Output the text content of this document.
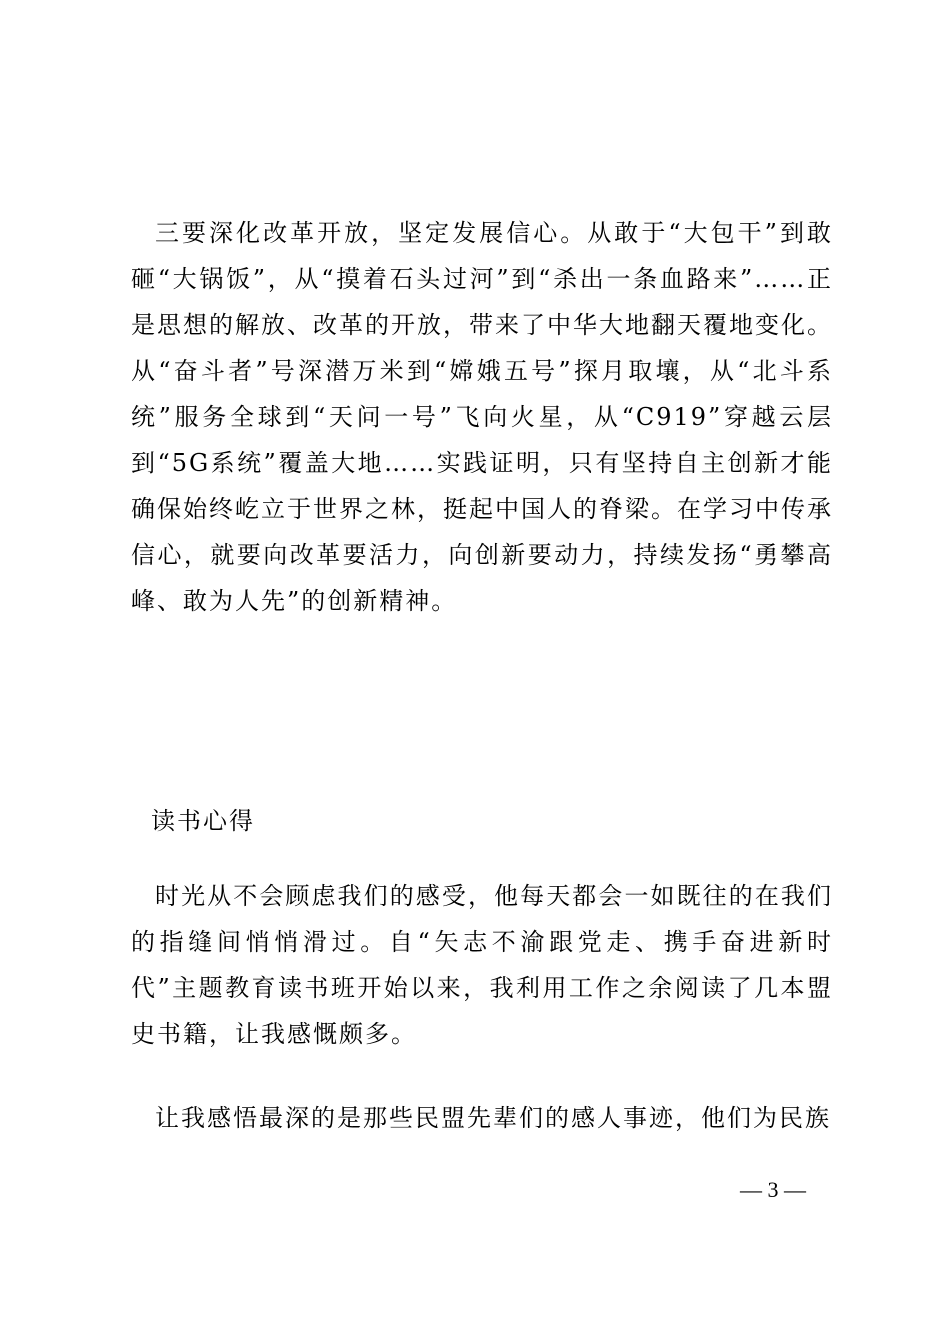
三要深化改革开放，坚定发展信心。从敢于“大包干”到敢砸“大锅饭”，从“摸着石头过河”到“杀出一条血路来”……正是思想的解放、改革的开放，带来了中华大地翻天覆地变化。从“奋斗者”号深潜万米到“嫦娥五号”探月取壤，从“北斗系统”服务全球到“天问一号”飞向火星，从“C919”穿越云层到“5G系统”覆盖大地……实践证明，只有坚持自主创新才能确保始终屹立于世界之林，挺起中国人的脊梁。在学习中传承信心，就要向改革要活力，向创新要动力，持续发扬“勇攀高峰、敢为人先”的创新精神。

读书心得

时光从不会顾虑我们的感受，他每天都会一如既往的在我们的指缝间悄悄滑过。自“矢志不渝跟党走、携手奋进新时代”主题教育读书班开始以来，我利用工作之余阅读了几本盟史书籍，让我感慨颇多。

让我感悟最深的是那些民盟先辈们的感人事迹，他们为民族

— 3 —
